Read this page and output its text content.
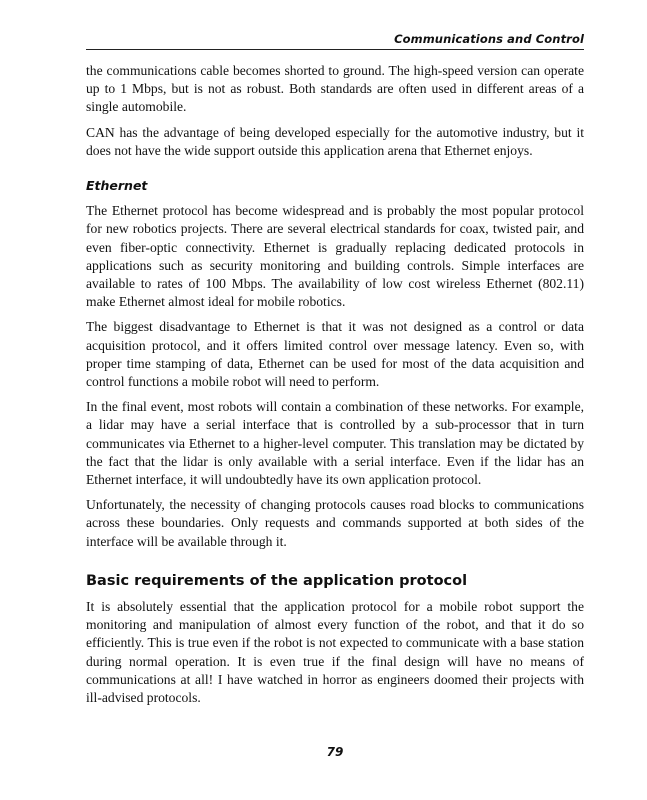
Communications and Control

the communications cable becomes shorted to ground. The high-speed version can operate up to 1 Mbps, but is not as robust. Both standards are often used in different areas of a single automobile.

CAN has the advantage of being developed especially for the automotive industry, but it does not have the wide support outside this application arena that Ethernet enjoys.

Ethernet

The Ethernet protocol has become widespread and is probably the most popular protocol for new robotics projects. There are several electrical standards for coax, twisted pair, and even fiber-optic connectivity. Ethernet is gradually replacing dedicated protocols in applications such as security monitoring and building controls. Simple interfaces are available to rates of 100 Mbps. The availability of low cost wireless Ethernet (802.11) make Ethernet almost ideal for mobile robotics.

The biggest disadvantage to Ethernet is that it was not designed as a control or data acquisition protocol, and it offers limited control over message latency. Even so, with proper time stamping of data, Ethernet can be used for most of the data acquisition and control functions a mobile robot will need to perform.

In the final event, most robots will contain a combination of these networks. For example, a lidar may have a serial interface that is controlled by a sub-processor that in turn communicates via Ethernet to a higher-level computer. This translation may be dictated by the fact that the lidar is only available with a serial interface. Even if the lidar has an Ethernet interface, it will undoubtedly have its own application protocol.

Unfortunately, the necessity of changing protocols causes road blocks to communications across these boundaries. Only requests and commands supported at both sides of the interface will be available through it.

Basic requirements of the application protocol

It is absolutely essential that the application protocol for a mobile robot support the monitoring and manipulation of almost every function of the robot, and that it do so efficiently. This is true even if the robot is not expected to communicate with a base station during normal operation. It is even true if the final design will have no means of communications at all! I have watched in horror as engineers doomed their projects with ill-advised protocols.

79
